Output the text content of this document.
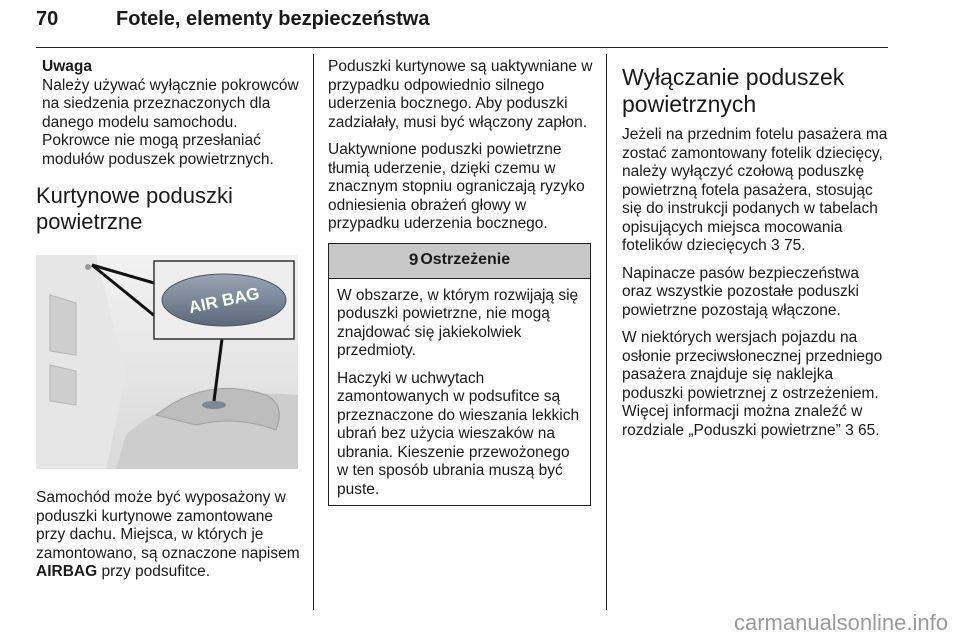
70	Fotele, elementy bezpieczeństwa
Uwaga
Należy używać wyłącznie pokrowców na siedzenia przeznaczonych dla danego modelu samochodu. Pokrowce nie mogą przesłaniać modułów poduszek powietrznych.
Kurtynowe poduszki powietrzne
AIR BAG

Samochód może być wyposażony w poduszki kurtynowe zamontowane przy dachu. Miejsca, w których je zamontowano, są oznaczone napisem AIRBAG przy podsufitce.

Poduszki kurtynowe są uaktywniane w przypadku odpowiednio silnego uderzenia bocznego. Aby poduszki zadziałały, musi być włączony zapłon.

Uaktywnione poduszki powietrzne tłumią uderzenie, dzięki czemu w znacznym stopniu ograniczają ryzyko odniesienia obrażeń głowy w przypadku uderzenia bocznego.

9 Ostrzeżenie

W obszarze, w którym rozwijają się poduszki powietrzne, nie mogą znajdować się jakiekolwiek przedmioty.

Haczyki w uchwytach zamontowanych w podsufitce są przeznaczone do wieszania lekkich ubrań bez użycia wieszaków na ubrania. Kieszenie przewożonego w ten sposób ubrania muszą być puste.

Wyłączanie poduszek powietrznych

Jeżeli na przednim fotelu pasażera ma zostać zamontowany fotelik dziecięcy, należy wyłączyć czołową poduszkę powietrzną fotela pasażera, stosując się do instrukcji podanych w tabelach opisujących miejsca mocowania fotelików dziecięcych 3 75.

Napinacze pasów bezpieczeństwa oraz wszystkie pozostałe poduszki powietrzne pozostają włączone.

W niektórych wersjach pojazdu na osłonie przeciwsłonecznej przedniego pasażera znajduje się naklejka poduszki powietrznej z ostrzeżeniem. Więcej informacji można znaleźć w rozdziale „Poduszki powietrzne” 3 65.

carmanualsonline.info
